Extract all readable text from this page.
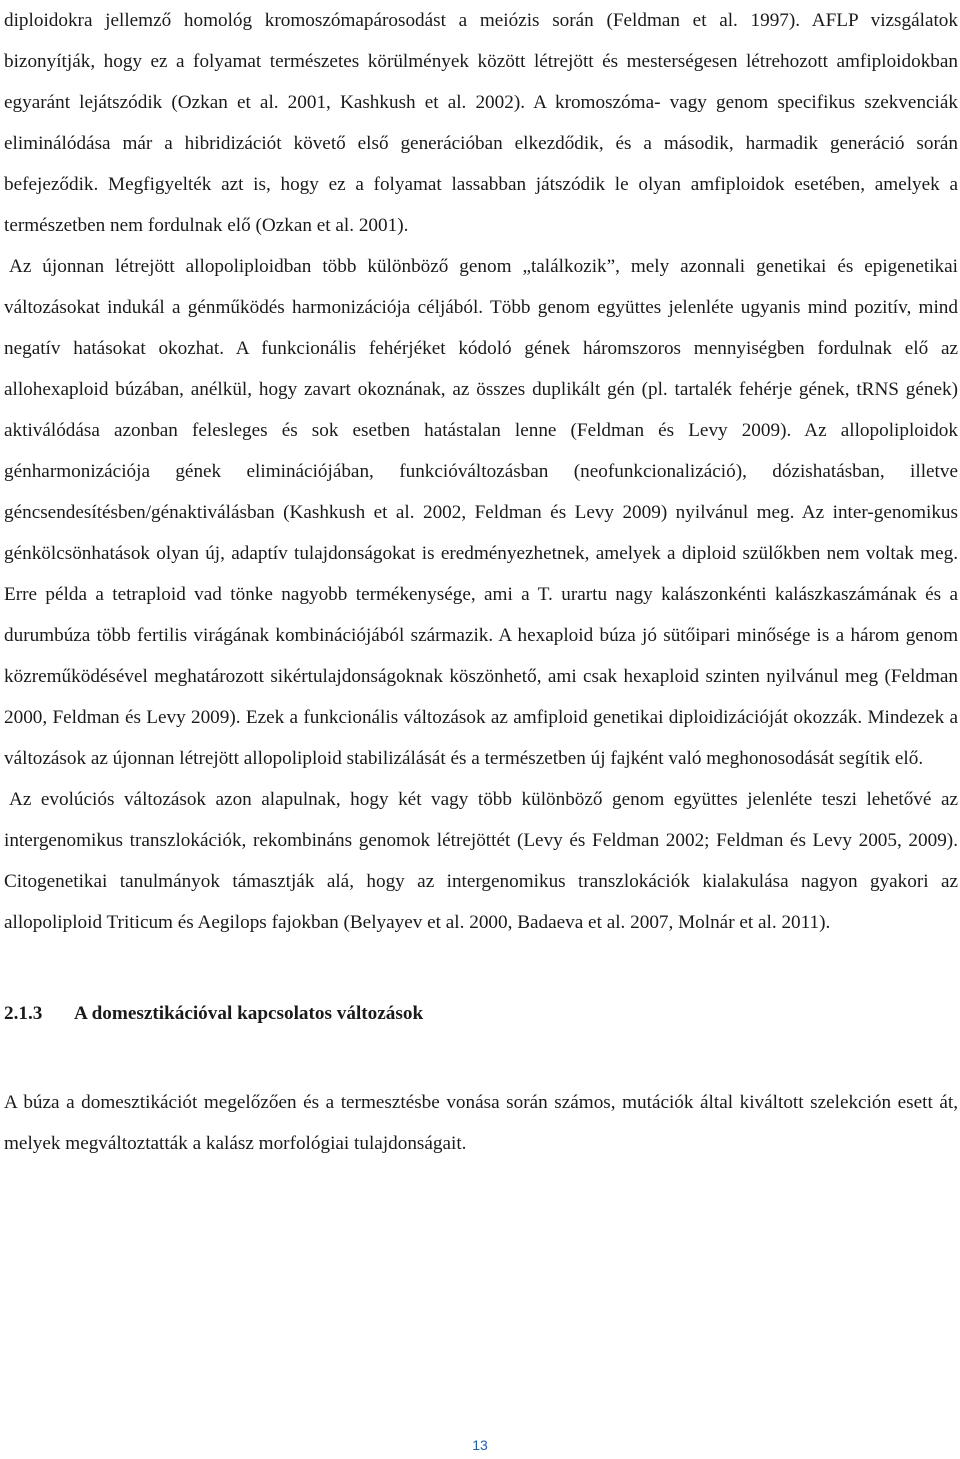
diploidokra jellemző homológ kromoszómapárosodást a meiózis során (Feldman et al. 1997). AFLP vizsgálatok bizonyítják, hogy ez a folyamat természetes körülmények között létrejött és mesterségesen létrehozott amfiploidokban egyaránt lejátszódik (Ozkan et al. 2001, Kashkush et al. 2002). A kromoszóma- vagy genom specifikus szekvenciák eliminálódása már a hibridizációt követő első generációban elkezdődik, és a második, harmadik generáció során befejeződik. Megfigyelték azt is, hogy ez a folyamat lassabban játszódik le olyan amfiploidok esetében, amelyek a természetben nem fordulnak elő (Ozkan et al. 2001).

Az újonnan létrejött allopoliploidban több különböző genom „találkozik”, mely azonnali genetikai és epigenetikai változásokat indukál a génműködés harmonizációja céljából. Több genom együttes jelenléte ugyanis mind pozitív, mind negatív hatásokat okozhat. A funkcionális fehérjéket kódoló gének háromszoros mennyiségben fordulnak elő az allohexaploid búzában, anélkül, hogy zavart okoznának, az összes duplikált gén (pl. tartalék fehérje gének, tRNS gének) aktiválódása azonban felesleges és sok esetben hatástalan lenne (Feldman és Levy 2009). Az allopoliploidok génharmonizációja gének eliminációjában, funkcióváltozásban (neofunkcionalizáció), dózishatásban, illetve géncsendesítésben/génaktiválásban (Kashkush et al. 2002, Feldman és Levy 2009) nyilvánul meg. Az inter-genomikus génkölcsönhatások olyan új, adaptív tulajdonságokat is eredményezhetnek, amelyek a diploid szülőkben nem voltak meg. Erre példa a tetraploid vad tönke nagyobb termékenysége, ami a T. urartu nagy kalászonkénti kalászkaszámának és a durumbúza több fertilis virágának kombinációjából származik. A hexaploid búza jó sütőipari minősége is a három genom közreműködésével meghatározott sikértulajdonságoknak köszönhető, ami csak hexaploid szinten nyilvánul meg (Feldman 2000, Feldman és Levy 2009). Ezek a funkcionális változások az amfiploid genetikai diploidizációját okozzák. Mindezek a változások az újonnan létrejött allopoliploid stabilizálását és a természetben új fajként való meghonosodását segítik elő.

Az evolúciós változások azon alapulnak, hogy két vagy több különböző genom együttes jelenléte teszi lehetővé az intergenomikus transzlokációk, rekombináns genomok létrejöttét (Levy és Feldman 2002; Feldman és Levy 2005, 2009). Citogenetikai tanulmányok támasztják alá, hogy az intergenomikus transzlokációk kialakulása nagyon gyakori az allopoliploid Triticum és Aegilops fajokban (Belyayev et al. 2000, Badaeva et al. 2007, Molnár et al. 2011).

2.1.3 A domesztikációval kapcsolatos változások

A búza a domesztikációt megelőzően és a termesztésbe vonása során számos, mutációk által kiváltott szelekción esett át, melyek megváltoztatták a kalász morfológiai tulajdonságait.

13
